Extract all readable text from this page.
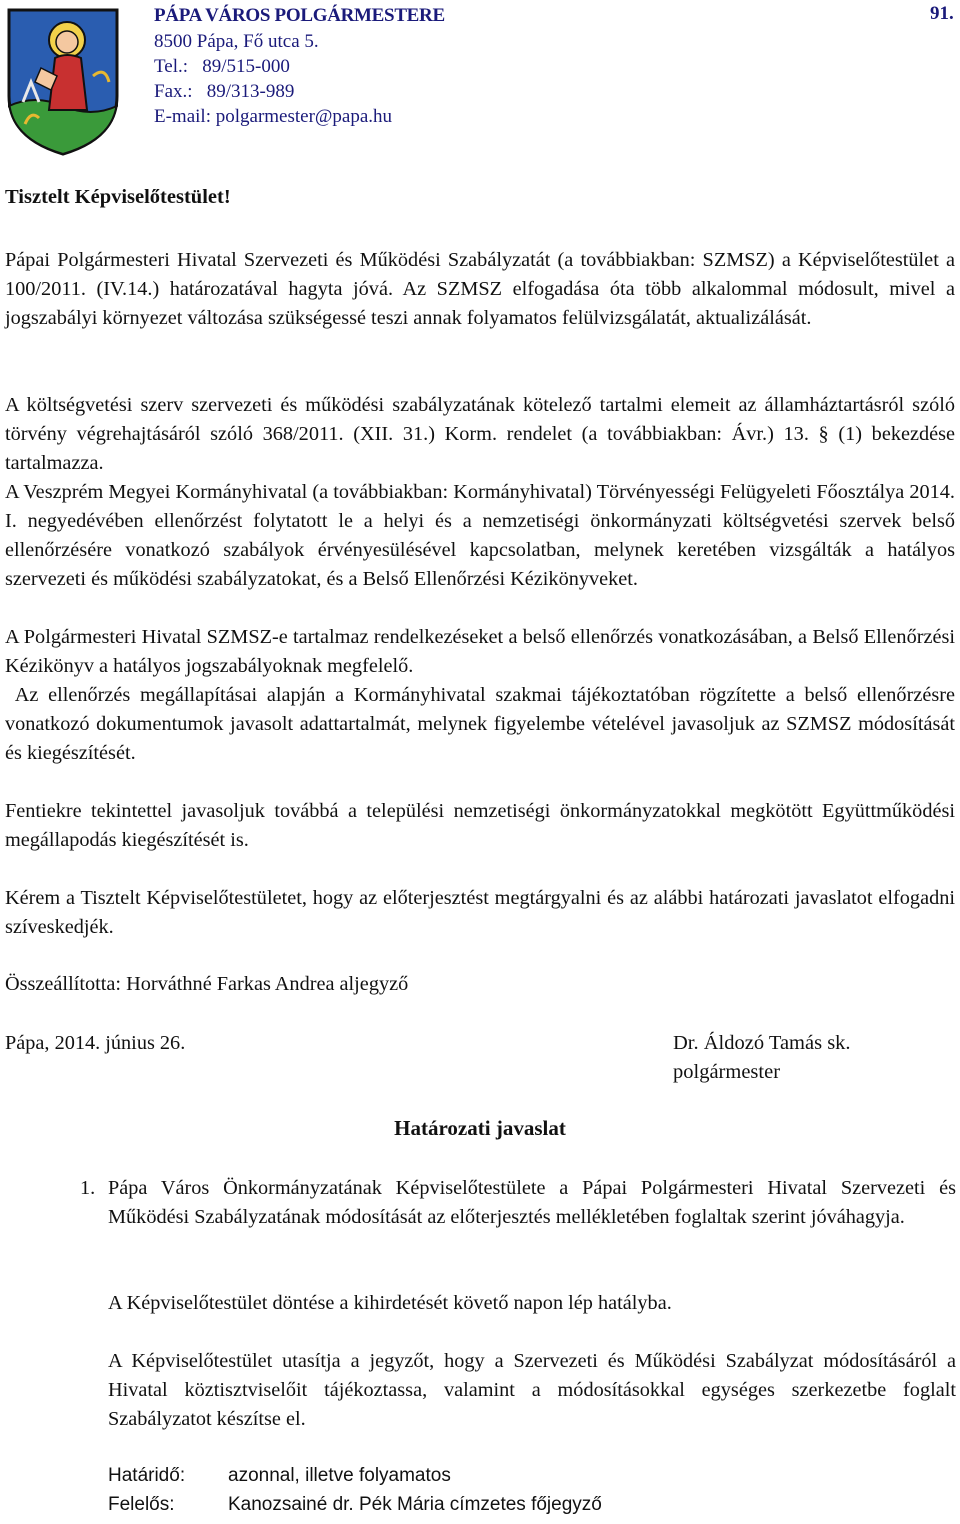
PÁPA VÁROS POLGÁRMESTERE
8500 Pápa, Fő utca 5.
Tel.:   89/515-000
Fax.:   89/313-989
E-mail: polgarmester@papa.hu
91.
Tisztelt Képviselőtestület!
Pápai Polgármesteri Hivatal Szervezeti és Működési Szabályzatát (a továbbiakban: SZMSZ) a Képviselőtestület a 100/2011. (IV.14.) határozatával hagyta jóvá. Az SZMSZ elfogadása óta több alkalommal módosult, mivel a jogszabályi környezet változása szükségessé teszi annak folyamatos felülvizsgálatát, aktualizálását.
A költségvetési szerv szervezeti és működési szabályzatának kötelező tartalmi elemeit az államháztartásról szóló törvény végrehajtásáról szóló 368/2011. (XII. 31.) Korm. rendelet (a továbbiakban: Ávr.) 13. § (1) bekezdése tartalmazza.
A Veszprém Megyei Kormányhivatal (a továbbiakban: Kormányhivatal) Törvényességi Felügyeleti Főosztálya 2014. I. negyedévében ellenőrzést folytatott le a helyi és a nemzetiségi önkormányzati költségvetési szervek belső ellenőrzésére vonatkozó szabályok érvényesülésével kapcsolatban, melynek keretében vizsgálták a hatályos szervezeti és működési szabályzatokat, és a Belső Ellenőrzési Kézikönyveket.
A Polgármesteri Hivatal SZMSZ-e tartalmaz rendelkezéseket a belső ellenőrzés vonatkozásában, a Belső Ellenőrzési Kézikönyv a hatályos jogszabályoknak megfelelő.
Az ellenőrzés megállapításai alapján a Kormányhivatal szakmai tájékoztatóban rögzítette a belső ellenőrzésre vonatkozó dokumentumok javasolt adattartalmát, melynek figyelembe vételével javasoljuk az SZMSZ módosítását és kiegészítését.
Fentiekre tekintettel javasoljuk továbbá a települési nemzetiségi önkormányzatokkal megkötött Együttműködési megállapodás kiegészítését is.
Kérem a Tisztelt Képviselőtestületet, hogy az előterjesztést megtárgyalni és az alábbi határozati javaslatot elfogadni szíveskedjék.
Összeállította: Horváthné Farkas Andrea aljegyző
Pápa, 2014. június 26.	Dr. Áldozó Tamás sk.
polgármester
Határozati javaslat
1. Pápa Város Önkormányzatának Képviselőtestülete a Pápai Polgármesteri Hivatal Szervezeti és Működési Szabályzatának módosítását az előterjesztés mellékletében foglaltak szerint jóváhagyja.
A Képviselőtestület döntése a kihirdetését követő napon lép hatályba.
A Képviselőtestület utasítja a jegyzőt, hogy a Szervezeti és Működési Szabályzat módosításáról a Hivatal köztisztviselőit tájékoztassa, valamint a módosításokkal egységes szerkezetbe foglalt Szabályzatot készítse el.
Határidő: azonnal, illetve folyamatos
Felelős:	Kanozsainé dr. Pék Mária címzetes főjegyző
